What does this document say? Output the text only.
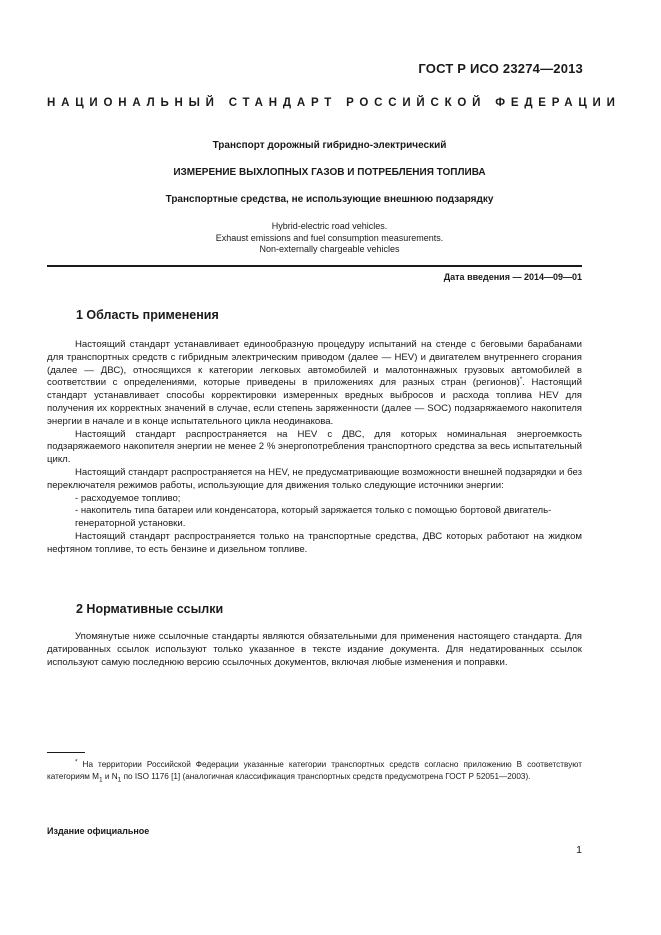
ГОСТ Р ИСО 23274—2013
НАЦИОНАЛЬНЫЙ СТАНДАРТ РОССИЙСКОЙ ФЕДЕРАЦИИ

Транспорт дорожный гибридно-электрический

ИЗМЕРЕНИЕ ВЫХЛОПНЫХ ГАЗОВ И ПОТРЕБЛЕНИЯ ТОПЛИВА

Транспортные средства, не использующие внешнюю подзарядку

Hybrid-electric road vehicles.

Exhaust emissions and fuel consumption measurements.

Non-externally chargeable vehicles

Дата введения — 2014—09—01
1 Область применения

Настоящий стандарт устанавливает единообразную процедуру испытаний на стенде с беговыми барабанами для транспортных средств с гибридным электрическим приводом (далее — HEV) и двигателем внутреннего сгорания (далее — ДВС), относящихся к категории легковых автомобилей и малотоннажных грузовых автомобилей в соответствии с определениями, которые приведены в приложениях для разных стран (регионов)*. Настоящий стандарт устанавливает способы корректировки измеренных вредных выбросов и расхода топлива HEV для получения их корректных значений в случае, если степень заряженности (далее — SOC) подзаряжаемого накопителя энергии в начале и в конце испытательного цикла неодинакова.

Настоящий стандарт распространяется на HEV с ДВС, для которых номинальная энергоемкость подзаряжаемого накопителя энергии не менее 2 % энергопотребления транспортного средства за весь испытательный цикл.

Настоящий стандарт распространяется на HEV, не предусматривающие возможности внешней подзарядки и без переключателя режимов работы, использующие для движения только следующие источники энергии:

- расходуемое топливо;

- накопитель типа батареи или конденсатора, который заряжается только с помощью бортовой двигатель-генераторной установки.

Настоящий стандарт распространяется только на транспортные средства, ДВС которых работают на жидком нефтяном топливе, то есть бензине и дизельном топливе.

2 Нормативные ссылки

Упомянутые ниже ссылочные стандарты являются обязательными для применения настоящего стандарта. Для датированных ссылок используют только указанное в тексте издание документа. Для недатированных ссылок используют самую последнюю версию ссылочных документов, включая любые изменения и поправки.

* На территории Российской Федерации указанные категории транспортных средств согласно приложению В соответствуют категориям $М_1$ и $N_1$ по ISO 1176 [1] (аналогичная классификация транспортных средств предусмотрена ГОСТ Р 52051—2003).

Издание официальное
1
